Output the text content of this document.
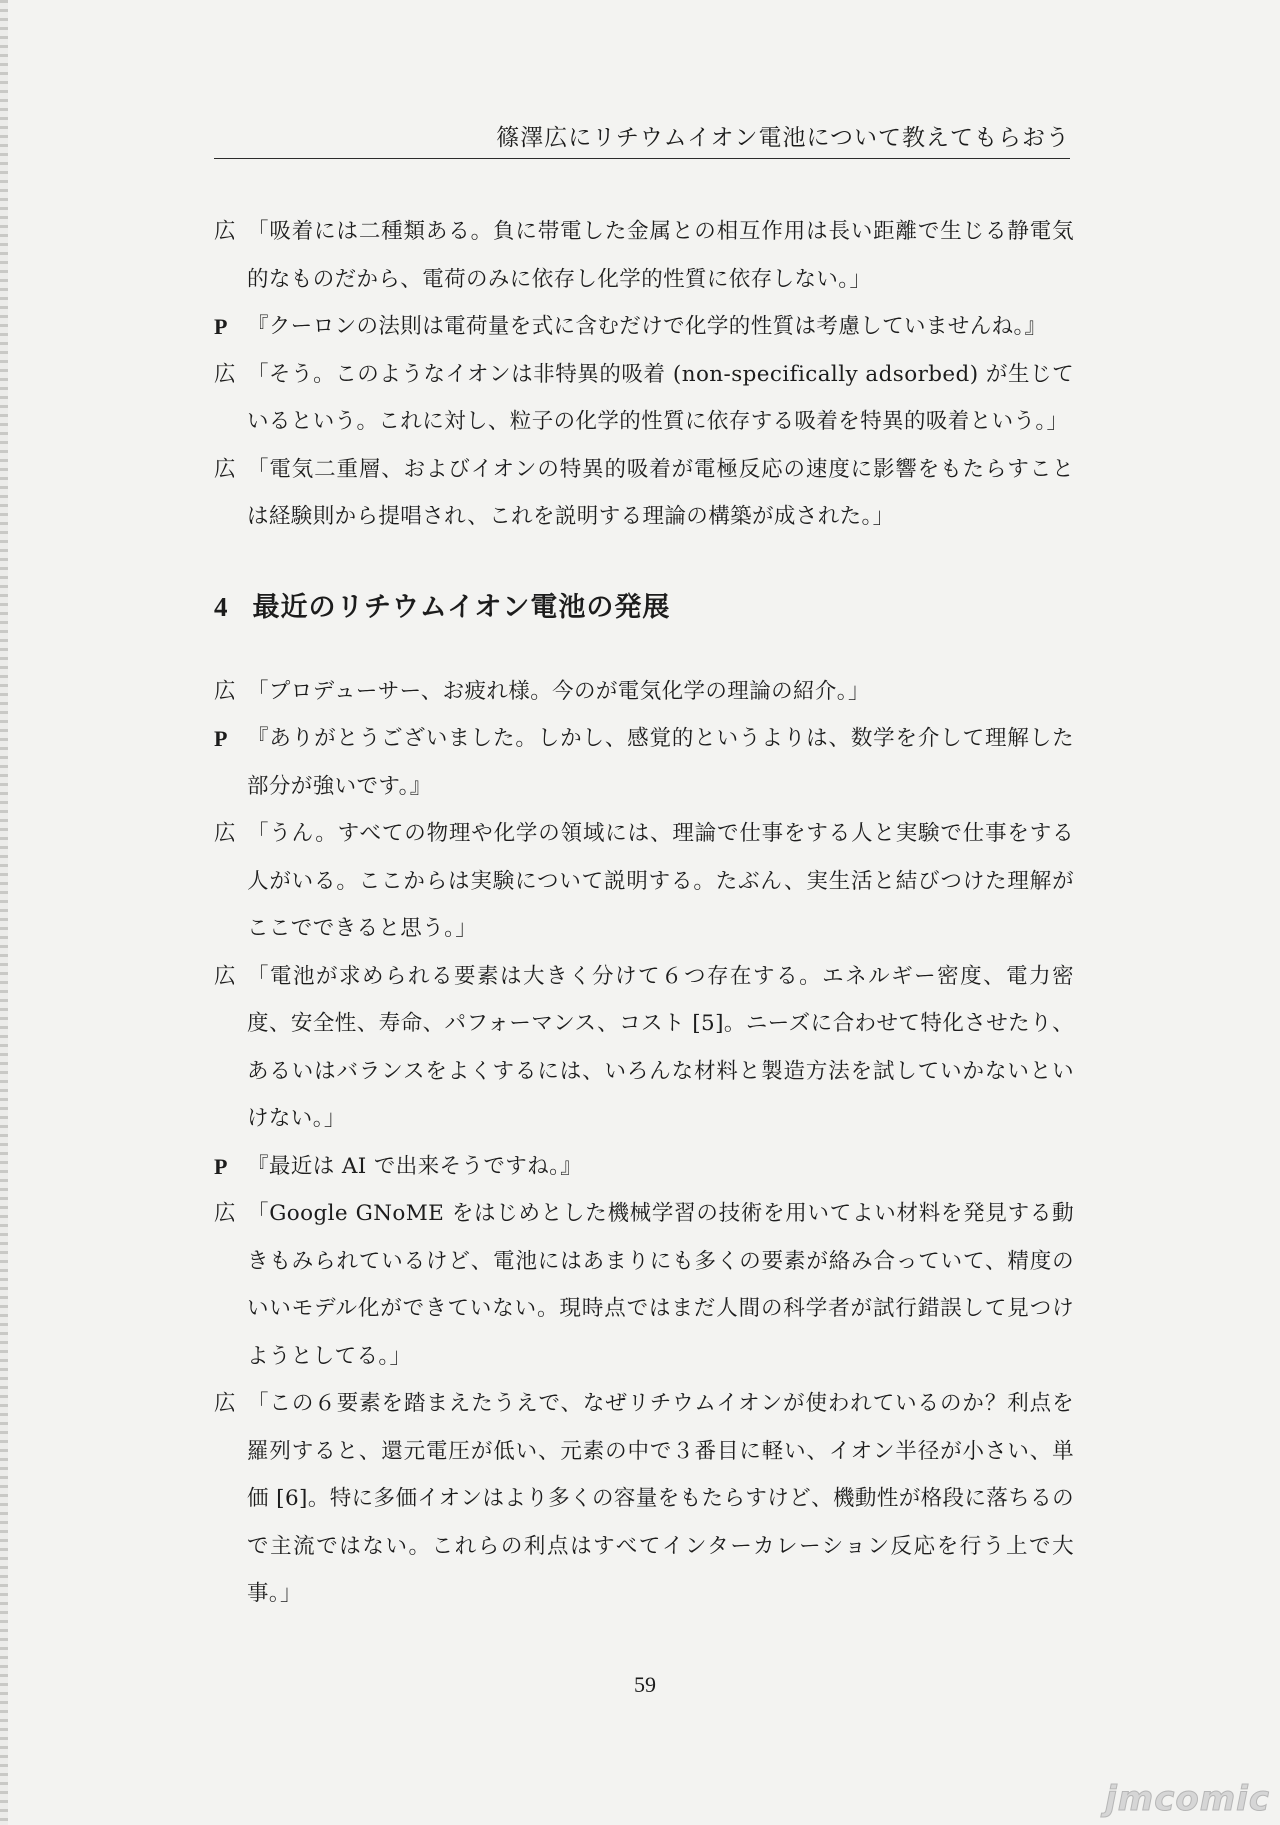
篠澤広にリチウムイオン電池について教えてもらおう

広 「吸着には二種類ある。負に帯電した金属との相互作用は長い距離で生じる静電気的なものだから、電荷のみに依存し化学的性質に依存しない。」

P 『クーロンの法則は電荷量を式に含むだけで化学的性質は考慮していませんね。』

広 「そう。このようなイオンは非特異的吸着 (non-specifically adsorbed) が生じているという。これに対し、粒子の化学的性質に依存する吸着を特異的吸着という。」

広 「電気二重層、およびイオンの特異的吸着が電極反応の速度に影響をもたらすことは経験則から提唱され、これを説明する理論の構築が成された。」

4 最近のリチウムイオン電池の発展

広 「プロデューサー、お疲れ様。今のが電気化学の理論の紹介。」

P 『ありがとうございました。しかし、感覚的というよりは、数学を介して理解した部分が強いです。』

広 「うん。すべての物理や化学の領域には、理論で仕事をする人と実験で仕事をする人がいる。ここからは実験について説明する。たぶん、実生活と結びつけた理解がここでできると思う。」

広 「電池が求められる要素は大きく分けて６つ存在する。エネルギー密度、電力密度、安全性、寿命、パフォーマンス、コスト [5]。ニーズに合わせて特化させたり、あるいはバランスをよくするには、いろんな材料と製造方法を試していかないといけない。」

P 『最近は AI で出来そうですね。』

広 「Google GNoME をはじめとした機械学習の技術を用いてよい材料を発見する動きもみられているけど、電池にはあまりにも多くの要素が絡み合っていて、精度のいいモデル化ができていない。現時点ではまだ人間の科学者が試行錯誤して見つけようとしてる。」

広 「この６要素を踏まえたうえで、なぜリチウムイオンが使われているのか？利点を羅列すると、還元電圧が低い、元素の中で３番目に軽い、イオン半径が小さい、単価 [6]。特に多価イオンはより多くの容量をもたらすけど、機動性が格段に落ちるので主流ではない。これらの利点はすべてインターカレーション反応を行う上で大事。」

59
jmcomic
